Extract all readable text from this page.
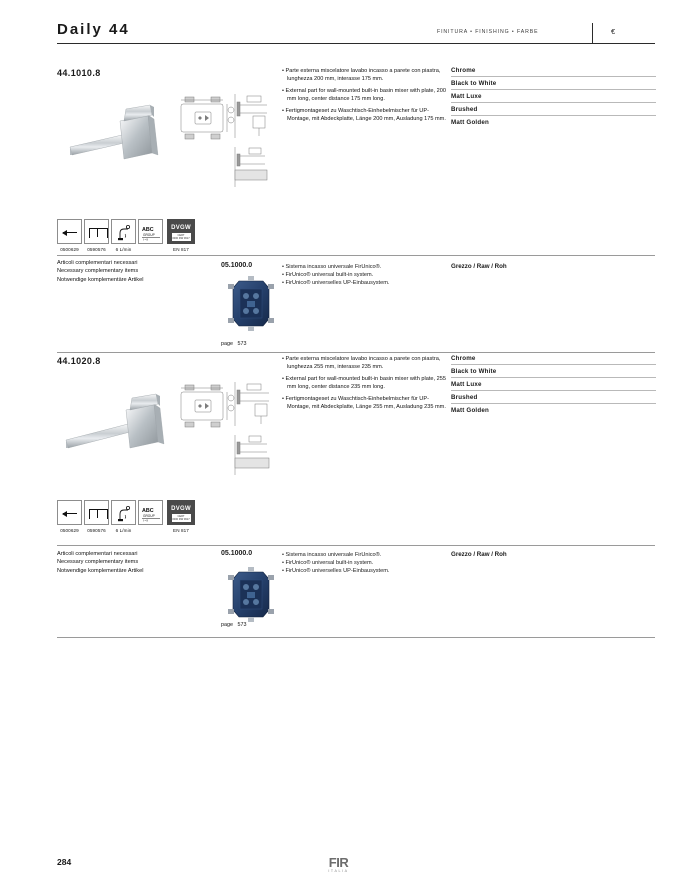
Daily 44	FINITURA • FINISHING • FARBE	€
44.1010.8	• Parte esterna miscelatore lavabo incasso a parete con piastra, lunghezza 200 mm, interasse 175 mm.

• External part for wall-mounted built-in basin mixer with plate, 200 mm long, center distance 175 mm long.

• Fertigmontageset zu Waschtisch-Einhebelmischer für UP-Montage, mit Abdeckplatte, Länge 200 mm, Ausladung 175 mm.

Chrome
Black to White
Matt Luxe
Brushed
Matt Golden
0500629	0590576	6 L/min
ABC
GROUP
I • II
DVGW
CERT
0000 DW 0617
EN 817
Articoli complementari necessari
Necessary complementary items
Notwendige komplementäre Artikel
05.1000.0	• Sistema incasso universale FirUnico®.

• FirUnico® universal built-in system.

• FirUnico® universelles UP-Einbausystem.

Grezzo / Raw / Roh
page 573
44.1020.8	• Parte esterna miscelatore lavabo incasso a parete con piastra, lunghezza 255 mm, interasse 235 mm.

• External part for wall-mounted built-in basin mixer with plate, 255 mm long, center distance 235 mm long.

• Fertigmontageset zu Waschtisch-Einhebelmischer für UP-Montage, mit Abdeckplatte, Länge 255 mm, Ausladung 235 mm.

Chrome
Black to White
Matt Luxe
Brushed
Matt Golden
0500629	0590576	6 L/min
ABC
GROUP
I • II
DVGW
CERT
0000 DW 0617
EN 817
Articoli complementari necessari
Necessary complementary items
Notwendige komplementäre Artikel
05.1000.0	• Sistema incasso universale FirUnico®.

• FirUnico® universal built-in system.

• FirUnico® universelles UP-Einbausystem.

Grezzo / Raw / Roh
page 573
284	FIR
ITALIA
